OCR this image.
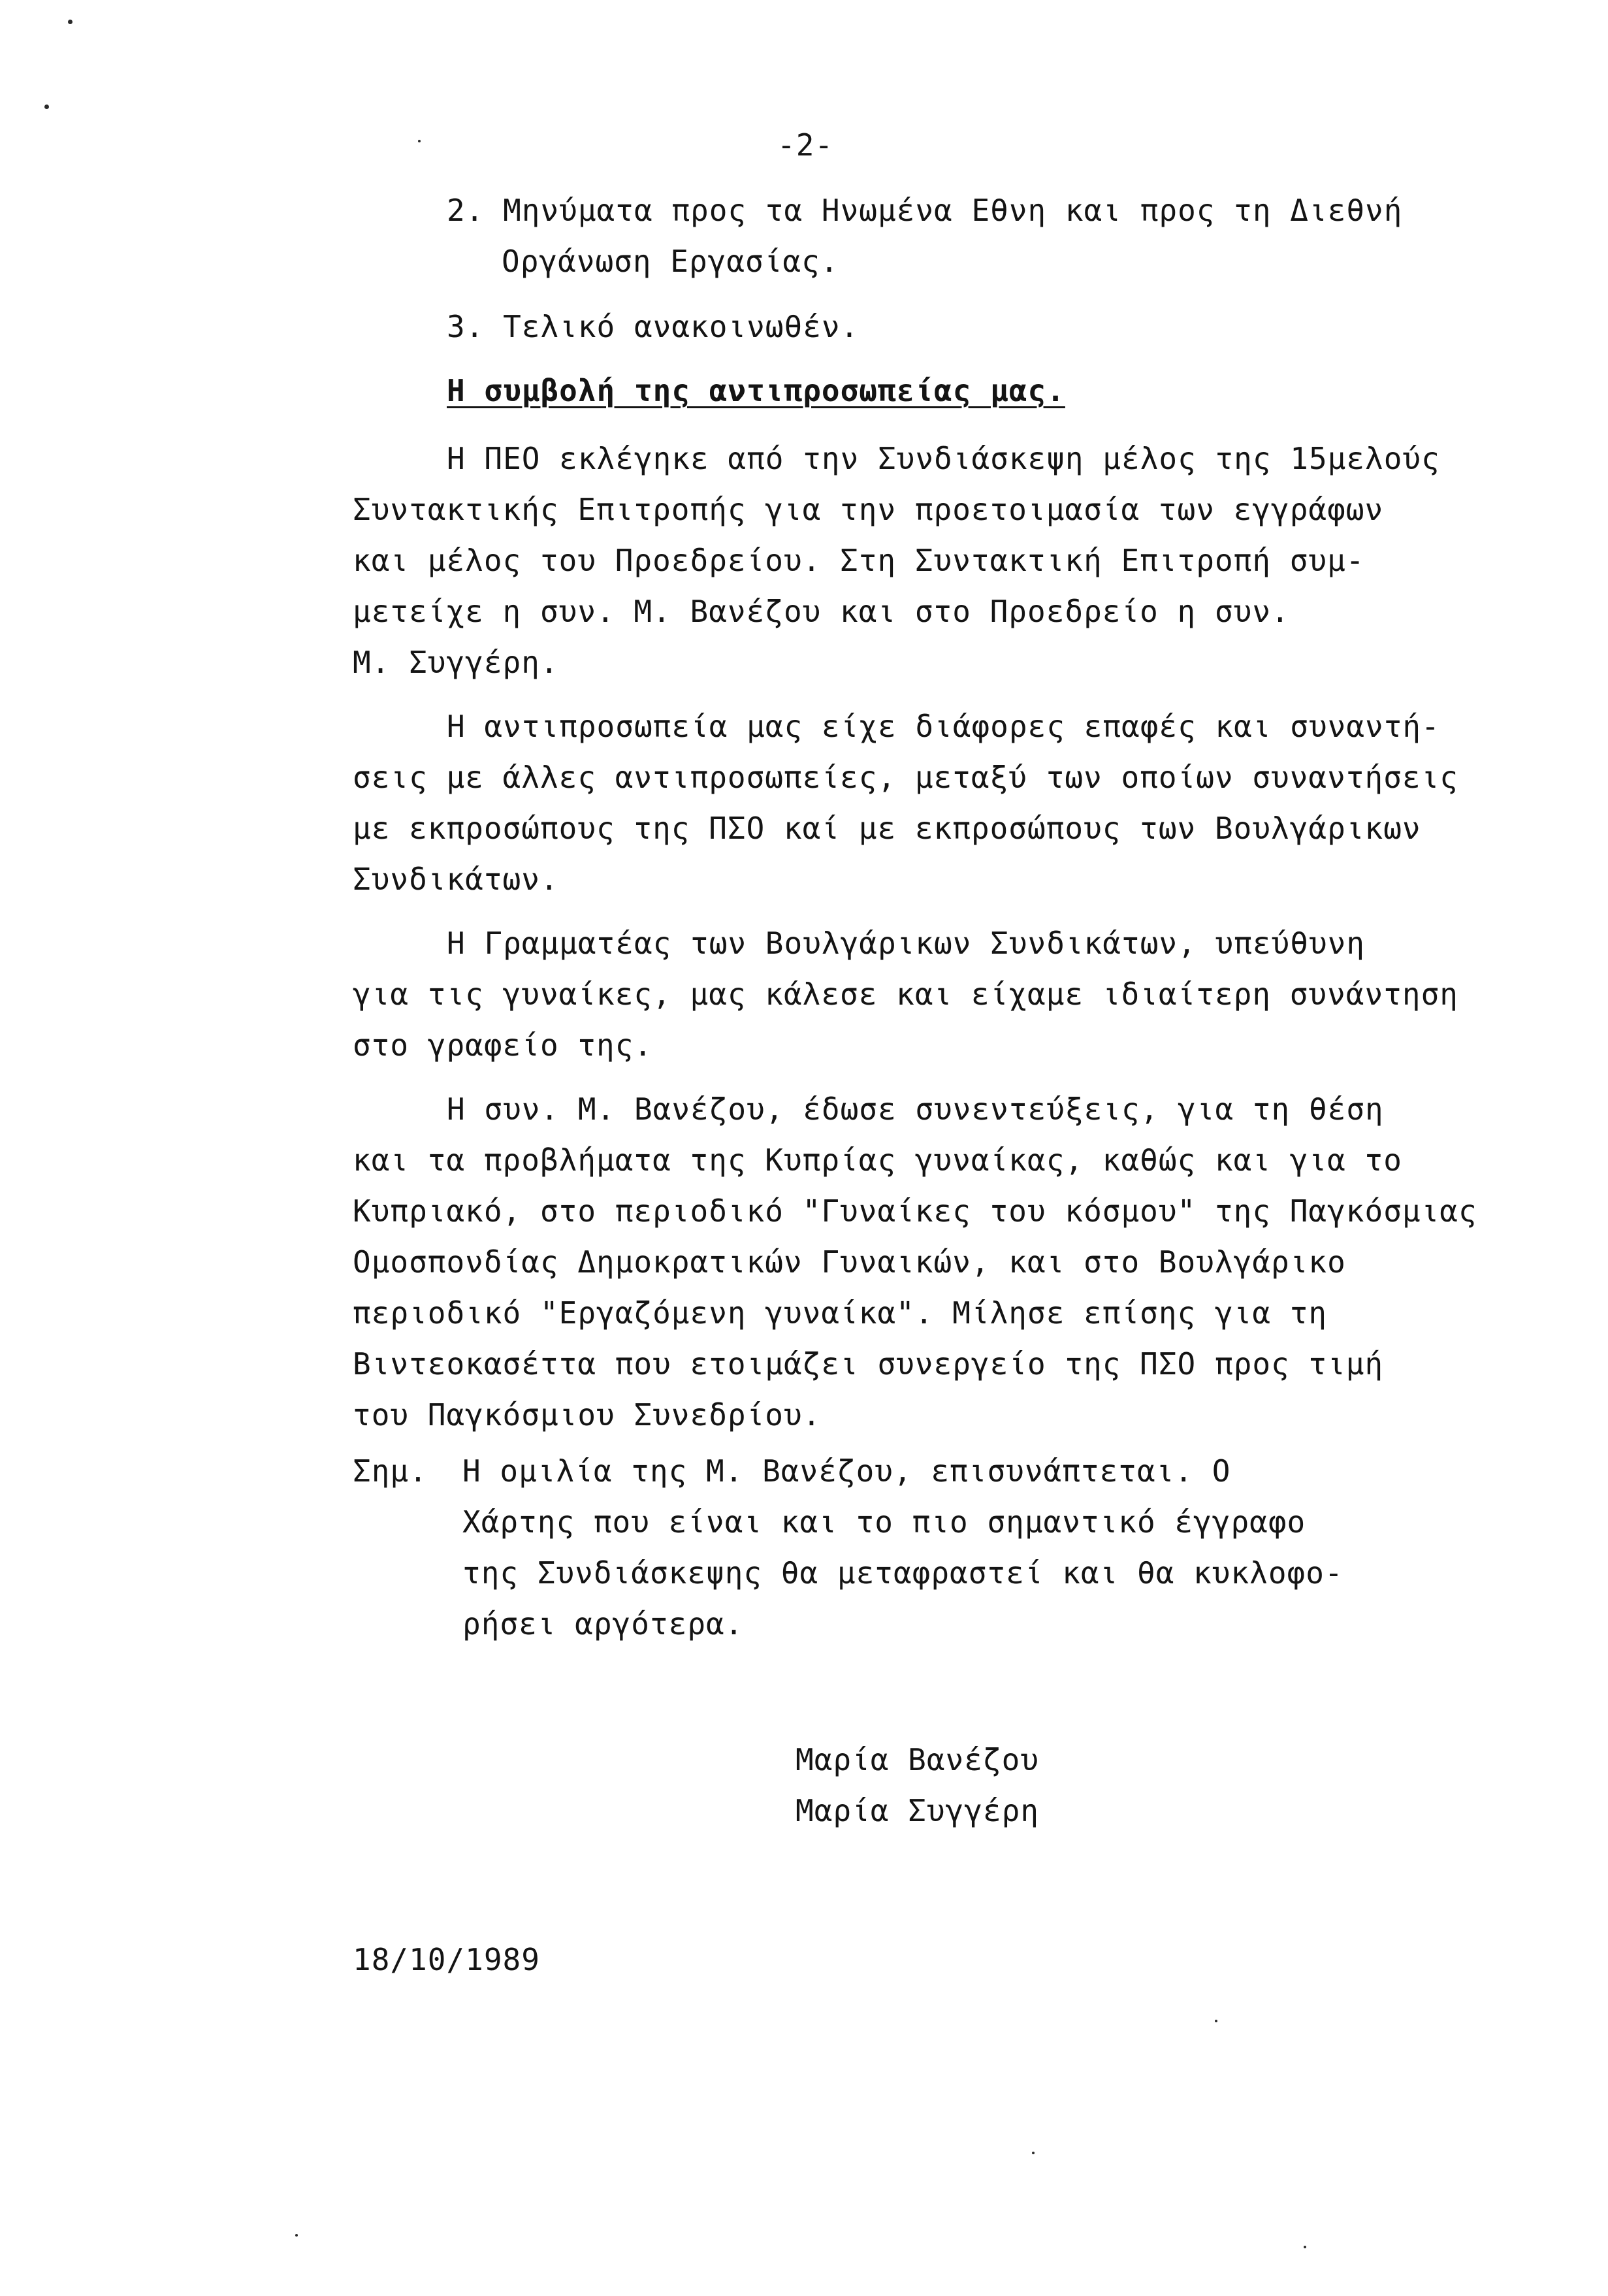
-2-
2. Μηνύματα προς τα Ηνωμένα Εθνη και προς τη Διεθνή
Οργάνωση Εργασίας.
3. Τελικό ανακοινωθέν.
Η συμβολή της αντιπροσωπείας μας.
Η ΠΕΟ εκλέγηκε από την Συνδιάσκεψη μέλος της 15μελούς
Συντακτικής Επιτροπής για την προετοιμασία των εγγράφων
και μέλος του Προεδρείου. Στη Συντακτική Επιτροπή συμ-
μετείχε η συν. Μ. Βανέζου και στο Προεδρείο η συν.
Μ. Συγγέρη.
Η αντιπροσωπεία μας είχε διάφορες επαφές και συναντή-
σεις με άλλες αντιπροσωπείες, μεταξύ των οποίων συναντήσεις
με εκπροσώπους της ΠΣΟ καί με εκπροσώπους των Βουλγάρικων
Συνδικάτων.
Η Γραμματέας των Βουλγάρικων Συνδικάτων, υπεύθυνη
για τις γυναίκες, μας κάλεσε και είχαμε ιδιαίτερη συνάντηση
στο γραφείο της.
Η συν. Μ. Βανέζου, έδωσε συνεντεύξεις, για τη θέση
και τα προβλήματα της Κυπρίας γυναίκας, καθώς και για το
Κυπριακό, στο περιοδικό "Γυναίκες του κόσμου" της Παγκόσμιας
Ομοσπονδίας Δημοκρατικών Γυναικών, και στο Βουλγάρικο
περιοδικό "Εργαζόμενη γυναίκα". Μίλησε επίσης για τη
Βιντεοκασέττα που ετοιμάζει συνεργείο της ΠΣΟ προς τιμή
του Παγκόσμιου Συνεδρίου.
Σημ. Η ομιλία της Μ. Βανέζου, επισυνάπτεται. Ο
Χάρτης που είναι και το πιο σημαντικό έγγραφο
της Συνδιάσκεψης θα μεταφραστεί και θα κυκλοφο-
ρήσει αργότερα.
Μαρία Βανέζου
Μαρία Συγγέρη
18/10/1989
